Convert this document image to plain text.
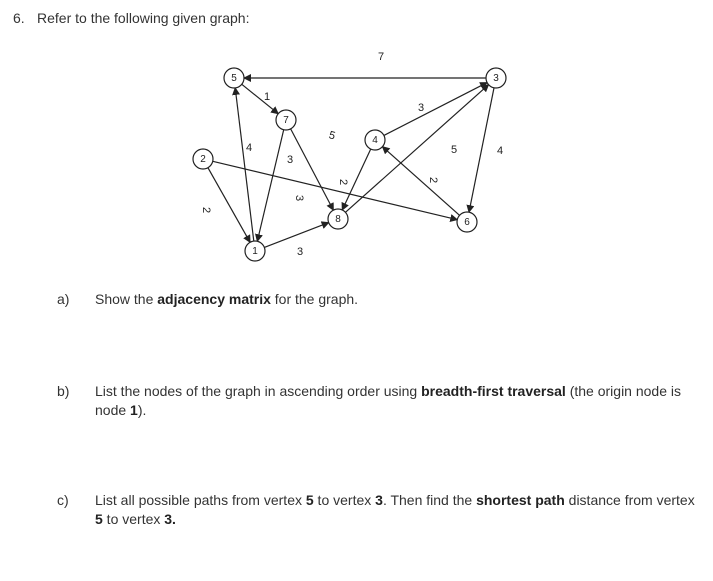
6. Refer to the following given graph:
7
1
4
3
2
3
3
2
3
5	4
2
5
5	3
7
4
2
8	6
1
a)	Show the adjacency matrix for the graph.
b)	List the nodes of the graph in ascending order using breadth-first traversal (the origin node is node 1).
c)	List all possible paths from vertex 5 to vertex 3. Then find the shortest path distance from vertex 5 to vertex 3.
